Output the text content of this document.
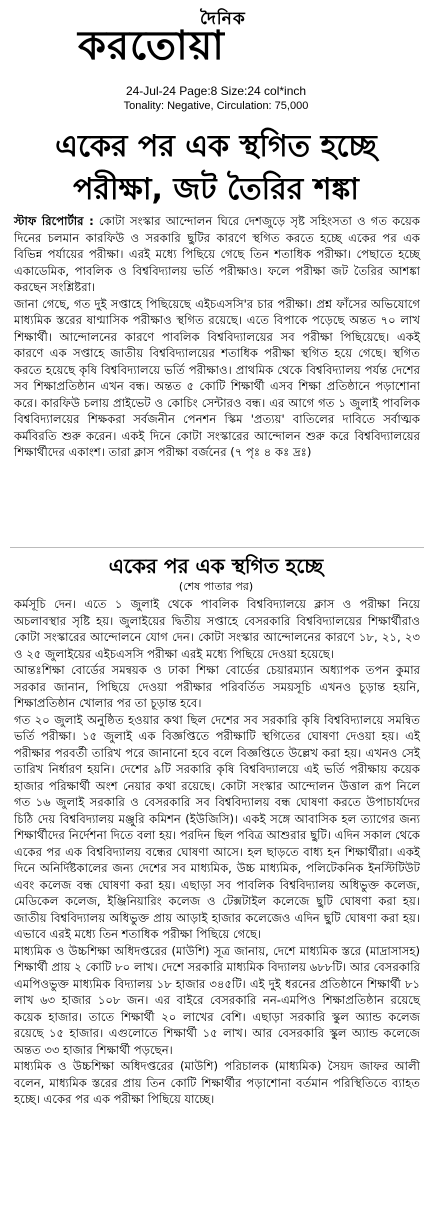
দৈনিক
করতোয়া
24-Jul-24 Page:8 Size:24 col*inch
Tonality: Negative, Circulation: 75,000
একের পর এক স্থগিত হচ্ছে
পরীক্ষা, জট তৈরির শঙ্কা

স্টাফ রিপোর্টার : কোটা সংস্কার আন্দোলন ঘিরে দেশজুড়ে সৃষ্ট সহিংসতা ও গত কয়েক দিনের চলমান কারফিউ ও সরকারি ছুটির কারণে স্থগিত করতে হচ্ছে একের পর এক বিভিন্ন পর্যায়ের পরীক্ষা। এরই মধ্যে পিছিয়ে গেছে তিন শতাধিক পরীক্ষা। পেছাতে হচ্ছে একাডেমিক, পাবলিক ও বিশ্ববিদ্যালয় ভর্তি পরীক্ষাও। ফলে পরীক্ষা জট তৈরির আশঙ্কা করছেন সংশ্লিষ্টরা।

জানা গেছে, গত দুই সপ্তাহে পিছিয়েছে এইচএসসি'র চার পরীক্ষা। প্রশ্ন ফাঁসের অভিযোগে মাধ্যমিক স্তরের ষাণ্মাসিক পরীক্ষাও স্থগিত রয়েছে। এতে বিপাকে পড়েছে অন্তত ৭০ লাখ শিক্ষার্থী। আন্দোলনের কারণে পাবলিক বিশ্ববিদ্যালয়ের সব পরীক্ষা পিছিয়েছে। একই কারণে এক সপ্তাহে জাতীয় বিশ্ববিদ্যালয়ের শতাধিক পরীক্ষা স্থগিত হয়ে গেছে। স্থগিত করতে হয়েছে কৃষি বিশ্ববিদ্যালয়ে ভর্তি পরীক্ষাও। প্রাথমিক থেকে বিশ্ববিদ্যালয় পর্যন্ত দেশের সব শিক্ষাপ্রতিষ্ঠান এখন বন্ধ। অন্তত ৫ কোটি শিক্ষার্থী এসব শিক্ষা প্রতিষ্ঠানে পড়াশোনা করে। কারফিউ চলায় প্রাইভেট ও কোচিং সেন্টারও বন্ধ। এর আগে গত ১ জুলাই পাবলিক বিশ্ববিদ্যালয়ের শিক্ষকরা সর্বজনীন পেনশন স্কিম 'প্রত্যয়' বাতিলের দাবিতে সর্বাত্মক কর্মবিরতি শুরু করেন। একই দিনে কোটা সংস্কারের আন্দোলন শুরু করে বিশ্ববিদ্যালয়ের শিক্ষার্থীদের একাংশ। তারা ক্লাস পরীক্ষা বর্জনের (৭ পৃঃ ৪ কঃ দ্রঃ)

একের পর এক স্থগিত হচ্ছে
(শেষ পাতার পর)

কর্মসূচি দেন। এতে ১ জুলাই থেকে পাবলিক বিশ্ববিদ্যালয়ে ক্লাস ও পরীক্ষা নিয়ে অচলাবস্থার সৃষ্টি হয়। জুলাইয়ের দ্বিতীয় সপ্তাহে বেসরকারি বিশ্ববিদ্যালয়ের শিক্ষার্থীরাও কোটা সংস্কারের আন্দোলনে যোগ দেন। কোটা সংস্কার আন্দোলনের কারণে ১৮, ২১, ২৩ ও ২৫ জুলাইয়ের এইচএসসি পরীক্ষা এরই মধ্যে পিছিয়ে দেওয়া হয়েছে।

আন্তঃশিক্ষা বোর্ডের সমন্বয়ক ও ঢাকা শিক্ষা বোর্ডের চেয়ারম্যান অধ্যাপক তপন কুমার সরকার জানান, পিছিয়ে দেওয়া পরীক্ষার পরিবর্তিত সময়সূচি এখনও চূড়ান্ত হয়নি, শিক্ষাপ্রতিষ্ঠান খোলার পর তা চূড়ান্ত হবে।

গত ২০ জুলাই অনুষ্ঠিত হওয়ার কথা ছিল দেশের সব সরকারি কৃষি বিশ্ববিদ্যালয়ে সমন্বিত ভর্তি পরীক্ষা। ১৫ জুলাই এক বিজ্ঞপ্তিতে পরীক্ষাটি স্থগিতের ঘোষণা দেওয়া হয়। এই পরীক্ষার পরবর্তী তারিখ পরে জানানো হবে বলে বিজ্ঞপ্তিতে উল্লেখ করা হয়। এখনও সেই তারিখ নির্ধারণ হয়নি। দেশের ৯টি সরকারি কৃষি বিশ্ববিদ্যালয়ে এই ভর্তি পরীক্ষায় কয়েক হাজার পরিক্ষার্থী অংশ নেয়ার কথা রয়েছে। কোটা সংস্কার আন্দোলন উত্তাল রূপ নিলে গত ১৬ জুলাই সরকারি ও বেসরকারি সব বিশ্ববিদ্যালয় বন্ধ ঘোষণা করতে উপাচার্যদের চিঠি দেয় বিশ্ববিদ্যালয় মঞ্জুরি কমিশন (ইউজিসি)। একই সঙ্গে আবাসিক হল ত্যাগের জন্য শিক্ষার্থীদের নির্দেশনা দিতে বলা হয়। পরদিন ছিল পবিত্র আশুরার ছুটি। এদিন সকাল থেকে একের পর এক বিশ্ববিদ্যালয় বন্ধের ঘোষণা আসে। হল ছাড়তে বাধ্য হন শিক্ষার্থীরা। একই দিনে অনির্দিষ্টকালের জন্য দেশের সব মাধ্যমিক, উচ্চ মাধ্যমিক, পলিটেকনিক ইনস্টিটিউট এবং কলেজ বন্ধ ঘোষণা করা হয়। এছাড়া সব পাবলিক বিশ্ববিদ্যালয় অধিভুক্ত কলেজ, মেডিকেল কলেজ, ইঞ্জিনিয়ারিং কলেজ ও টেক্সটাইল কলেজে ছুটি ঘোষণা করা হয়। জাতীয় বিশ্ববিদ্যালয় অধিভুক্ত প্রায় আড়াই হাজার কলেজেও এদিন ছুটি ঘোষণা করা হয়। এভাবে এরই মধ্যে তিন শতাধিক পরীক্ষা পিছিয়ে গেছে।

মাধ্যমিক ও উচ্চশিক্ষা অধিদপ্তরের (মাউশি) সূত্র জানায়, দেশে মাধ্যমিক স্তরে (মাদ্রাসাসহ) শিক্ষার্থী প্রায় ২ কোটি ৮০ লাখ। দেশে সরকারি মাধ্যমিক বিদ্যালয় ৬৮৮টি। আর বেসরকারি এমপিওভুক্ত মাধ্যমিক বিদ্যালয় ১৮ হাজার ৩৪৫টি। এই দুই ধরনের প্রতিষ্ঠানে শিক্ষার্থী ৮১ লাখ ৬৩ হাজার ১০৮ জন। এর বাইরে বেসরকারি নন-এমপিও শিক্ষাপ্রতিষ্ঠান রয়েছে কয়েক হাজার। তাতে শিক্ষার্থী ২০ লাখের বেশি। এছাড়া সরকারি স্কুল অ্যান্ড কলেজ রয়েছে ১৫ হাজার। এগুলোতে শিক্ষার্থী ১৫ লাখ। আর বেসরকারি স্কুল অ্যান্ড কলেজে অন্তত ৩৩ হাজার শিক্ষার্থী পড়ছেন।

মাধ্যমিক ও উচ্চশিক্ষা অধিদপ্তরের (মাউশি) পরিচালক (মাধ্যমিক) সৈয়দ জাফর আলী বলেন, মাধ্যমিক স্তরের প্রায় তিন কোটি শিক্ষার্থীর পড়াশোনা বর্তমান পরিস্থিতিতে ব্যাহত হচ্ছে। একের পর এক পরীক্ষা পিছিয়ে যাচ্ছে।
